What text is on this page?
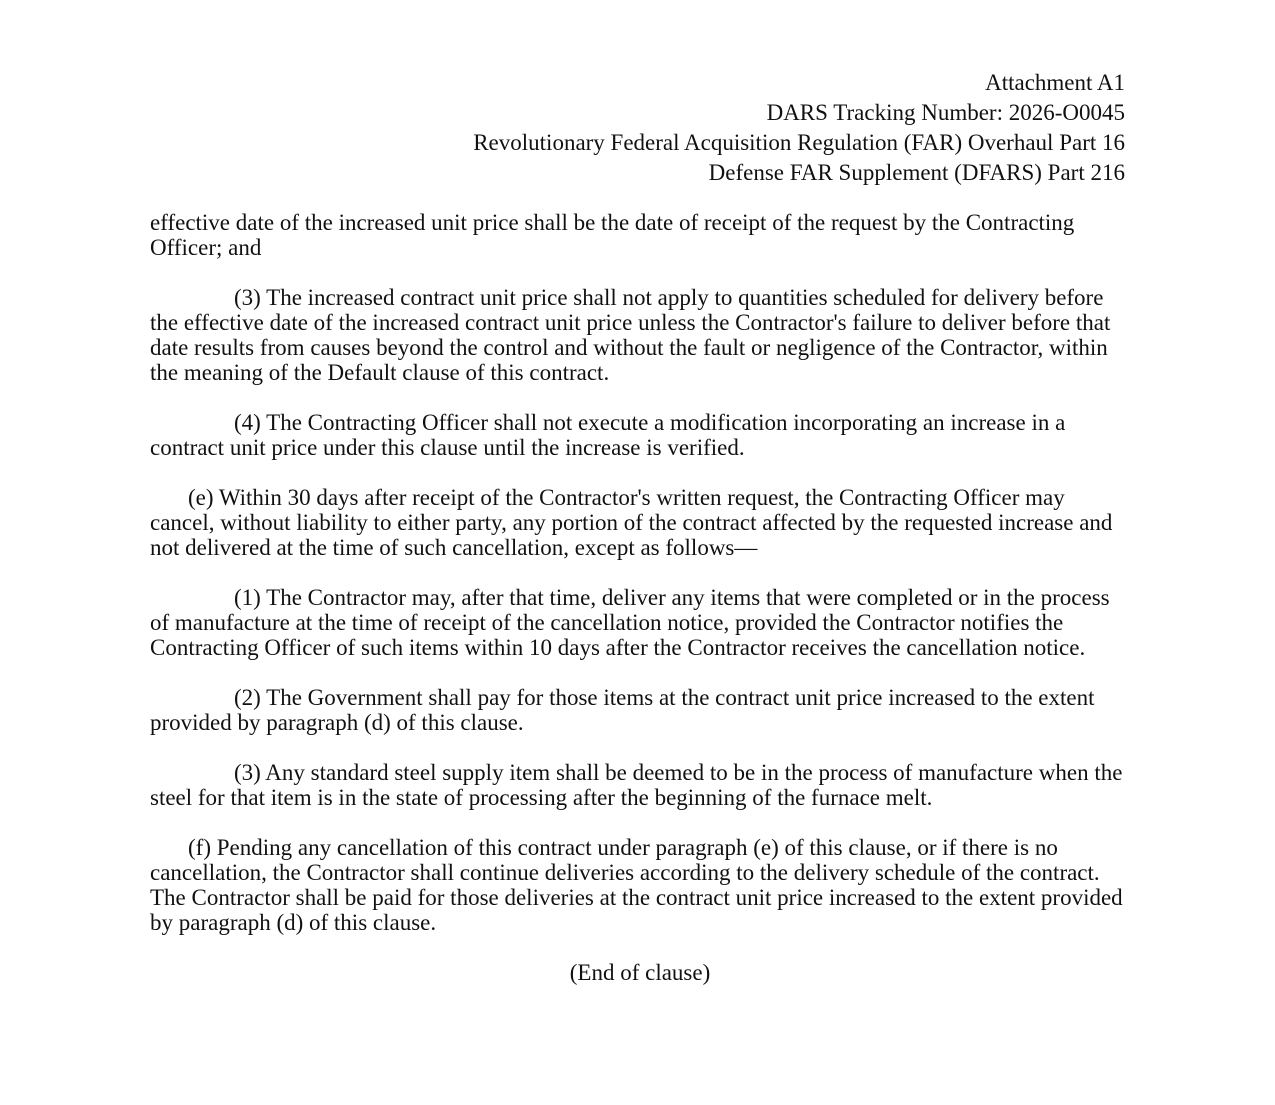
Attachment A1
DARS Tracking Number: 2026-O0045
Revolutionary Federal Acquisition Regulation (FAR) Overhaul Part 16
Defense FAR Supplement (DFARS) Part 216

effective date of the increased unit price shall be the date of receipt of the request by the Contracting Officer; and

(3) The increased contract unit price shall not apply to quantities scheduled for delivery before the effective date of the increased contract unit price unless the Contractor's failure to deliver before that date results from causes beyond the control and without the fault or negligence of the Contractor, within the meaning of the Default clause of this contract.

(4) The Contracting Officer shall not execute a modification incorporating an increase in a contract unit price under this clause until the increase is verified.

(e) Within 30 days after receipt of the Contractor's written request, the Contracting Officer may cancel, without liability to either party, any portion of the contract affected by the requested increase and not delivered at the time of such cancellation, except as follows—

(1) The Contractor may, after that time, deliver any items that were completed or in the process of manufacture at the time of receipt of the cancellation notice, provided the Contractor notifies the Contracting Officer of such items within 10 days after the Contractor receives the cancellation notice.

(2) The Government shall pay for those items at the contract unit price increased to the extent provided by paragraph (d) of this clause.

(3) Any standard steel supply item shall be deemed to be in the process of manufacture when the steel for that item is in the state of processing after the beginning of the furnace melt.

(f) Pending any cancellation of this contract under paragraph (e) of this clause, or if there is no cancellation, the Contractor shall continue deliveries according to the delivery schedule of the contract. The Contractor shall be paid for those deliveries at the contract unit price increased to the extent provided by paragraph (d) of this clause.

(End of clause)
